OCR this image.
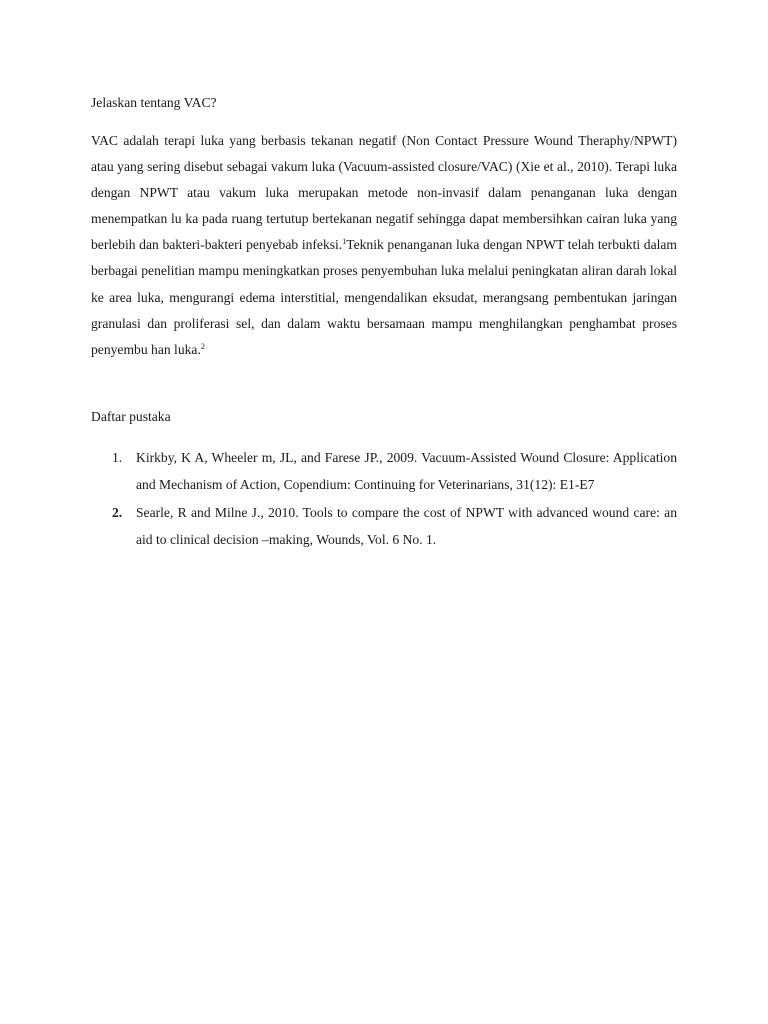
Jelaskan tentang VAC?

VAC adalah terapi luka yang berbasis tekanan negatif (Non Contact Pressure Wound Theraphy/NPWT) atau yang sering disebut sebagai vakum luka (Vacuum-assisted closure/VAC) (Xie et al., 2010). Terapi luka dengan NPWT atau vakum luka merupakan metode non-invasif dalam penanganan luka dengan menempatkan lu ka pada ruang tertutup bertekanan negatif sehingga dapat membersihkan cairan luka yang berlebih dan bakteri-bakteri penyebab infeksi.$^1$Teknik penanganan luka dengan NPWT telah terbukti dalam berbagai penelitian mampu meningkatkan proses penyembuhan luka melalui peningkatan aliran darah lokal ke area luka, mengurangi edema interstitial, mengendalikan eksudat, merangsang pembentukan jaringan granulasi dan proliferasi sel, dan dalam waktu bersamaan mampu menghilangkan penghambat proses penyembu han luka.$^2$

Daftar pustaka

1. Kirkby, K A, Wheeler m, JL, and Farese JP., 2009. Vacuum-Assisted Wound Closure: Application and Mechanism of Action, Copendium: Continuing for Veterinarians, 31(12): E1-E7
2. Searle, R and Milne J., 2010. Tools to compare the cost of NPWT with advanced wound care: an aid to clinical decision –making, Wounds, Vol. 6 No. 1.
